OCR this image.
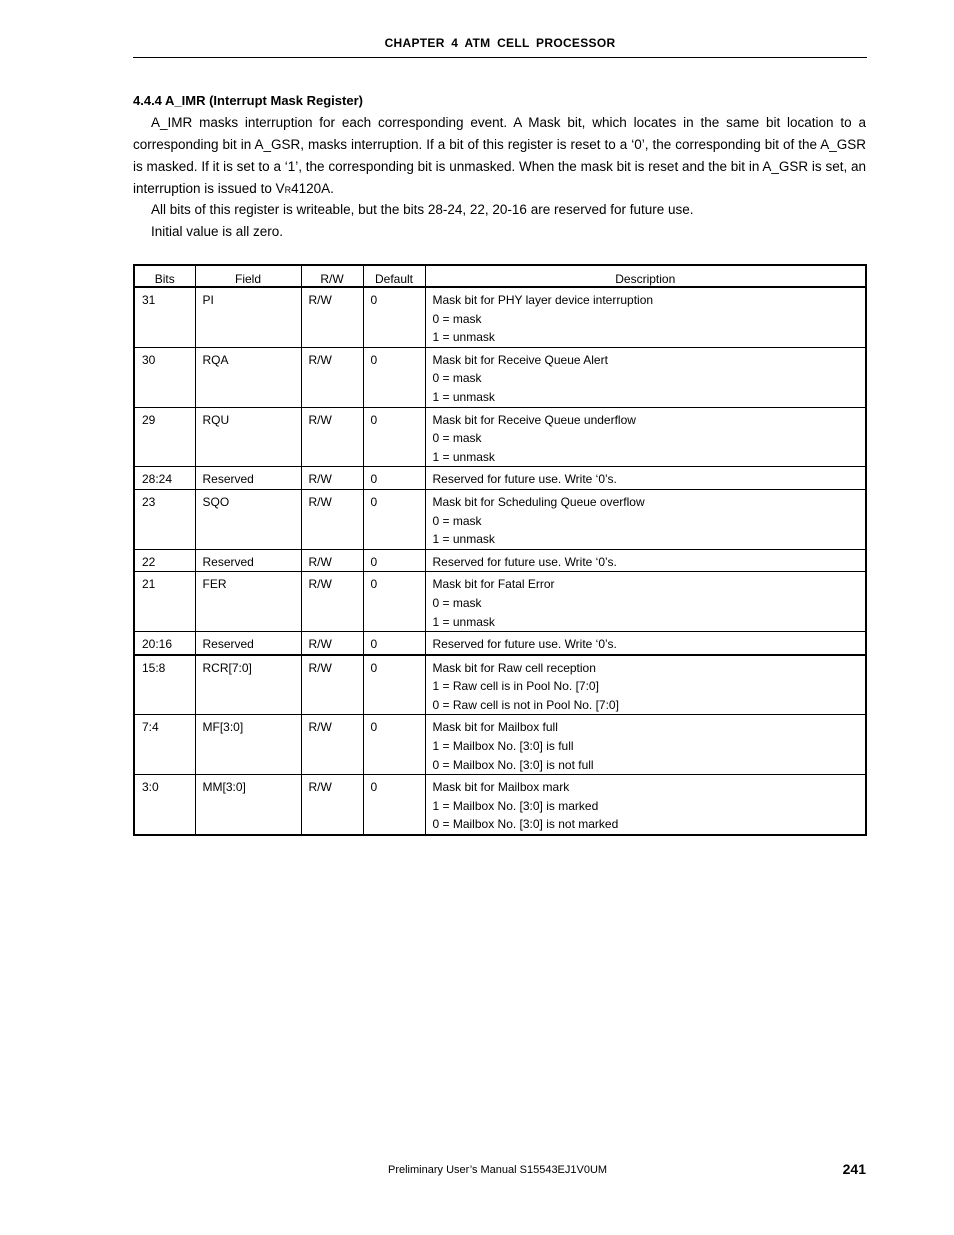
CHAPTER 4 ATM CELL PROCESSOR
4.4.4 A_IMR (Interrupt Mask Register)

A_IMR masks interruption for each corresponding event. A Mask bit, which locates in the same bit location to a corresponding bit in A_GSR, masks interruption. If a bit of this register is reset to a ‘0’, the corresponding bit of the A_GSR is masked. If it is set to a ‘1’, the corresponding bit is unmasked. When the mask bit is reset and the bit in A_GSR is set, an interruption is issued to VR4120A.

All bits of this register is writeable, but the bits 28-24, 22, 20-16 are reserved for future use.

Initial value is all zero.

Bits	Field	R/W	Default	Description
31	PI	R/W	0	Mask bit for PHY layer device interruption
0 = mask
1 = unmask

30	RQA	R/W	0	Mask bit for Receive Queue Alert
0 = mask
1 = unmask

29	RQU	R/W	0	Mask bit for Receive Queue underflow
0 = mask
1 = unmask

28:24	Reserved	R/W	0	Reserved for future use. Write ‘0’s.

23	SQO	R/W	0	Mask bit for Scheduling Queue overflow
0 = mask
1 = unmask

22	Reserved	R/W	0	Reserved for future use. Write ‘0’s.

21	FER	R/W	0	Mask bit for Fatal Error
0 = mask
1 = unmask

20:16	Reserved	R/W	0	Reserved for future use. Write ‘0’s.

15:8	RCR[7:0]	R/W	0	Mask bit for Raw cell reception
1 = Raw cell is in Pool No. [7:0]
0 = Raw cell is not in Pool No. [7:0]

7:4	MF[3:0]	R/W	0	Mask bit for Mailbox full
1 = Mailbox No. [3:0] is full
0 = Mailbox No. [3:0] is not full

3:0	MM[3:0]	R/W	0	Mask bit for Mailbox mark
1 = Mailbox No. [3:0] is marked
0 = Mailbox No. [3:0] is not marked
Preliminary User’s Manual S15543EJ1V0UM	241
